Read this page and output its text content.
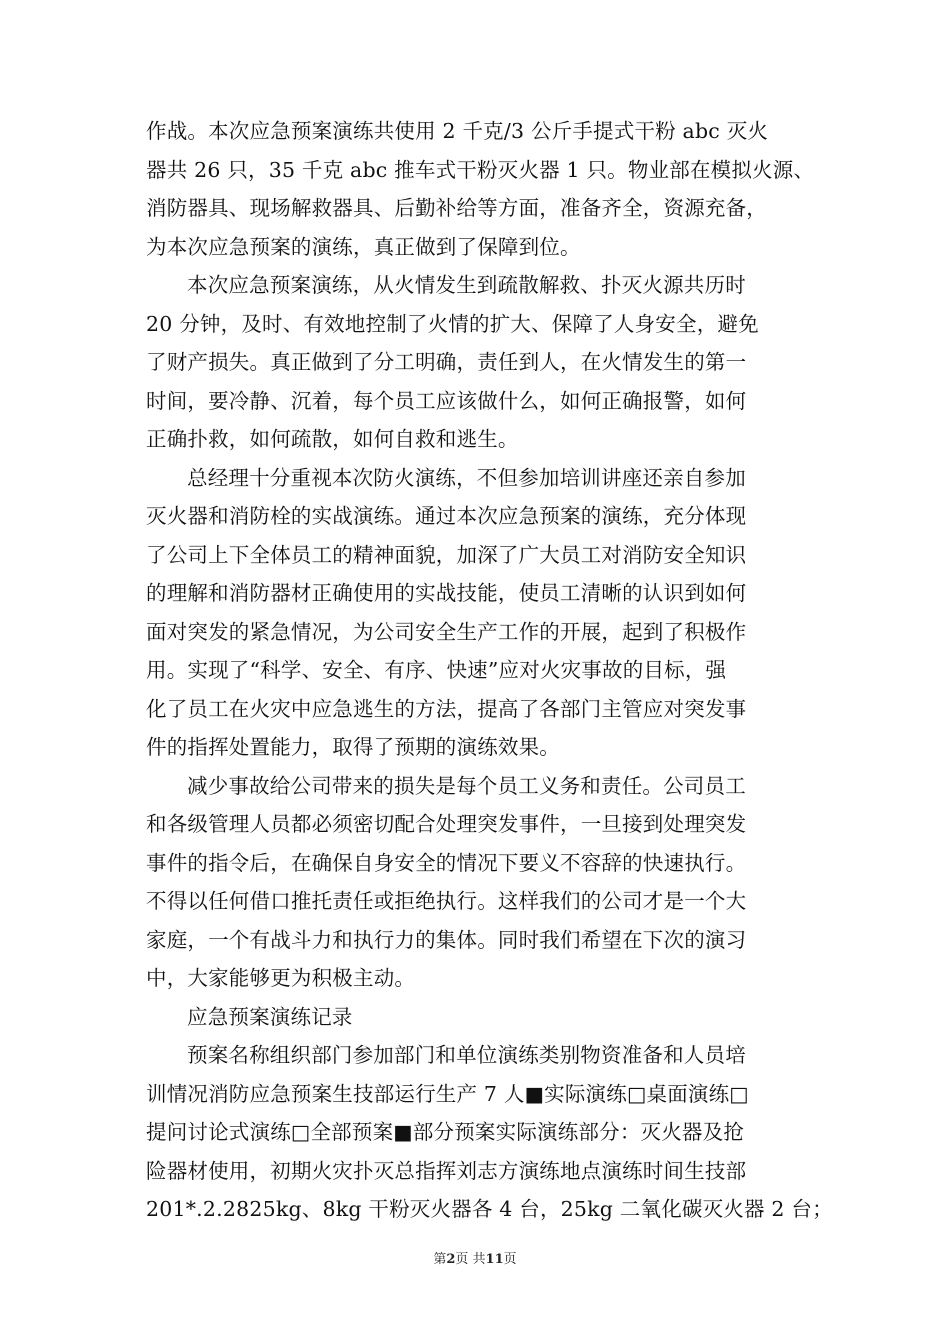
作战。本次应急预案演练共使用 2 千克/3 公斤手提式干粉 abc 灭火
器共 26 只，35 千克 abc 推车式干粉灭火器 1 只。物业部在模拟火源、
消防器具、现场解救器具、后勤补给等方面，准备齐全，资源充备，
为本次应急预案的演练，真正做到了保障到位。
本次应急预案演练，从火情发生到疏散解救、扑灭火源共历时
20 分钟，及时、有效地控制了火情的扩大、保障了人身安全，避免
了财产损失。真正做到了分工明确，责任到人，在火情发生的第一
时间，要冷静、沉着，每个员工应该做什么，如何正确报警，如何
正确扑救，如何疏散，如何自救和逃生。
总经理十分重视本次防火演练，不但参加培训讲座还亲自参加
灭火器和消防栓的实战演练。通过本次应急预案的演练，充分体现
了公司上下全体员工的精神面貌，加深了广大员工对消防安全知识
的理解和消防器材正确使用的实战技能，使员工清晰的认识到如何
面对突发的紧急情况，为公司安全生产工作的开展，起到了积极作
用。实现了“科学、安全、有序、快速”应对火灾事故的目标，强
化了员工在火灾中应急逃生的方法，提高了各部门主管应对突发事
件的指挥处置能力，取得了预期的演练效果。
减少事故给公司带来的损失是每个员工义务和责任。公司员工
和各级管理人员都必须密切配合处理突发事件，一旦接到处理突发
事件的指令后，在确保自身安全的情况下要义不容辞的快速执行。
不得以任何借口推托责任或拒绝执行。这样我们的公司才是一个大
家庭，一个有战斗力和执行力的集体。同时我们希望在下次的演习
中，大家能够更为积极主动。
应急预案演练记录
预案名称组织部门参加部门和单位演练类别物资准备和人员培
训情况消防应急预案生技部运行生产 7 人■实际演练□桌面演练□
提问讨论式演练□全部预案■部分预案实际演练部分：灭火器及抢
险器材使用，初期火灾扑灭总指挥刘志方演练地点演练时间生技部
201*.2.2825kg、8kg 干粉灭火器各 4 台，25kg 二氧化碳灭火器 2 台；
第2页 共11页
